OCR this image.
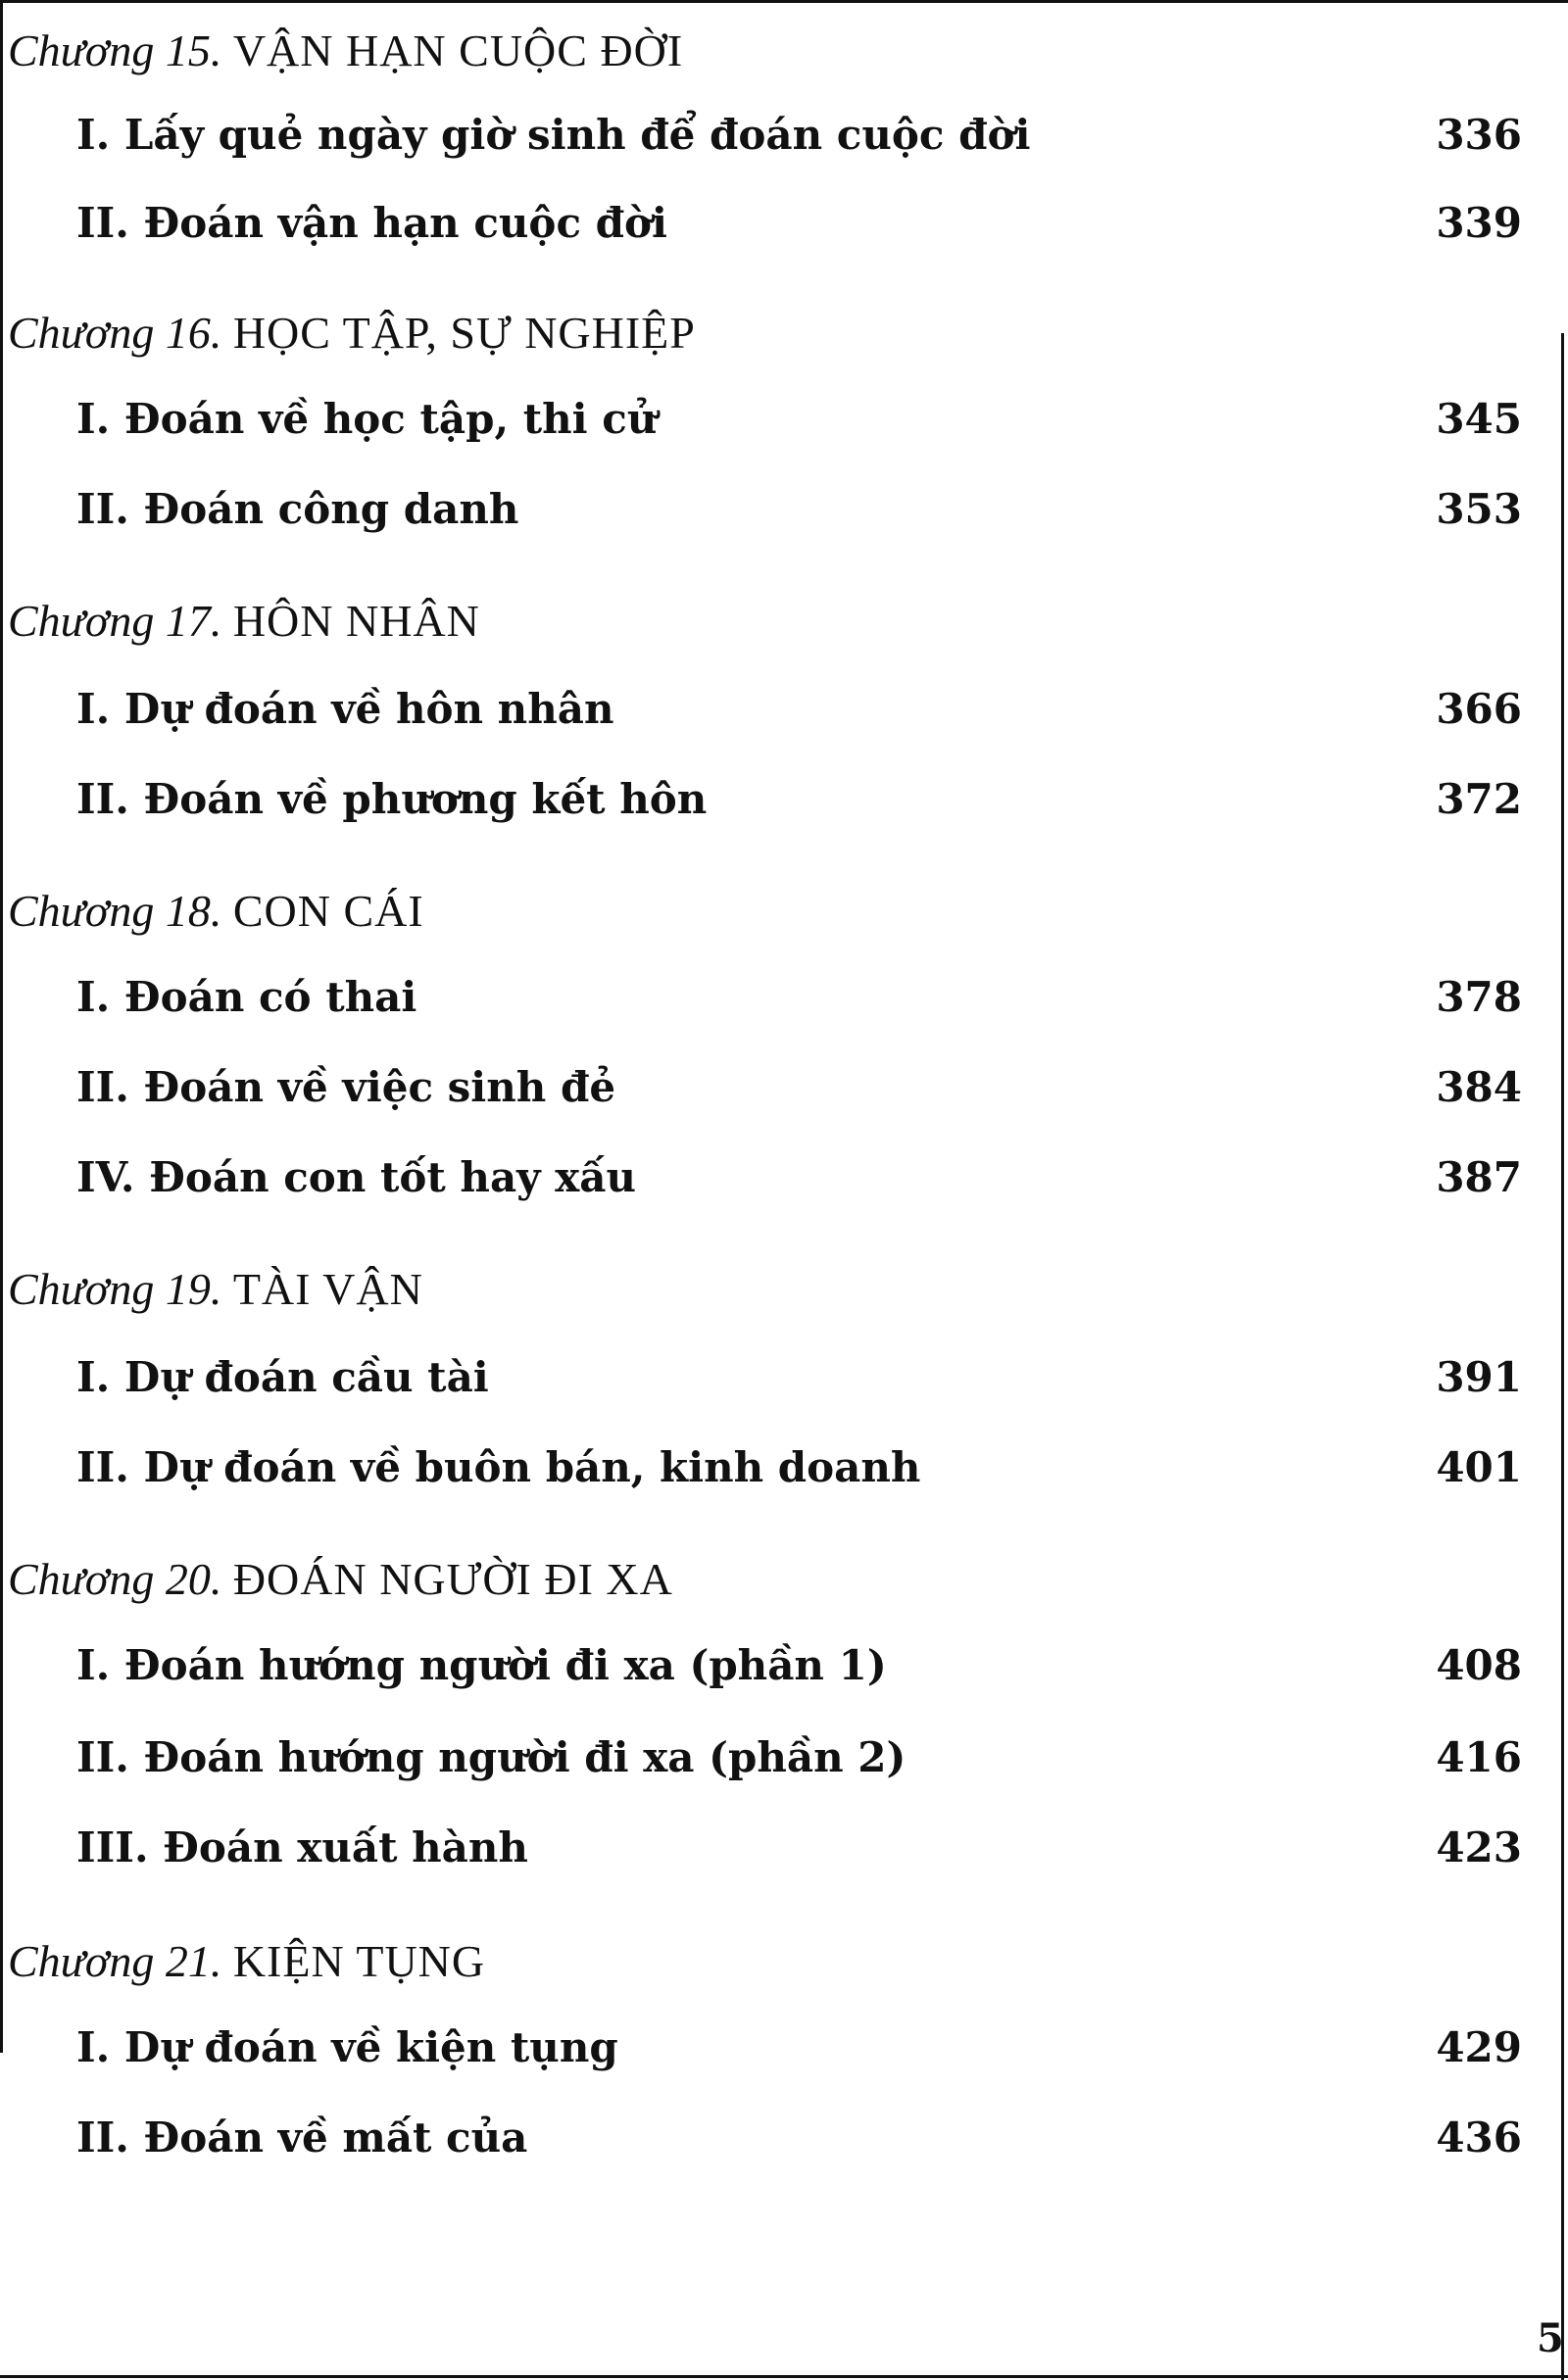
Chương 15. VẬN HẠN CUỘC ĐỜI
I. Lấy quẻ ngày giờ sinh để đoán cuộc đời	336
II. Đoán vận hạn cuộc đời	339
Chương 16. HỌC TẬP, SỰ NGHIỆP
I. Đoán về học tập, thi cử	345
II. Đoán công danh	353
Chương 17. HÔN NHÂN
I. Dự đoán về hôn nhân	366
II. Đoán về phương kết hôn	372
Chương 18. CON CÁI
I. Đoán có thai	378
II. Đoán về việc sinh đẻ	384
IV. Đoán con tốt hay xấu	387
Chương 19. TÀI VẬN
I. Dự đoán cầu tài	391
II. Dự đoán về buôn bán, kinh doanh	401
Chương 20. ĐOÁN NGƯỜI ĐI XA
I. Đoán hướng người đi xa (phần 1)	408
II. Đoán hướng người đi xa (phần 2)	416
III. Đoán xuất hành	423
Chương 21. KIỆN TỤNG
I. Dự đoán về kiện tụng	429
II. Đoán về mất của	436
5
